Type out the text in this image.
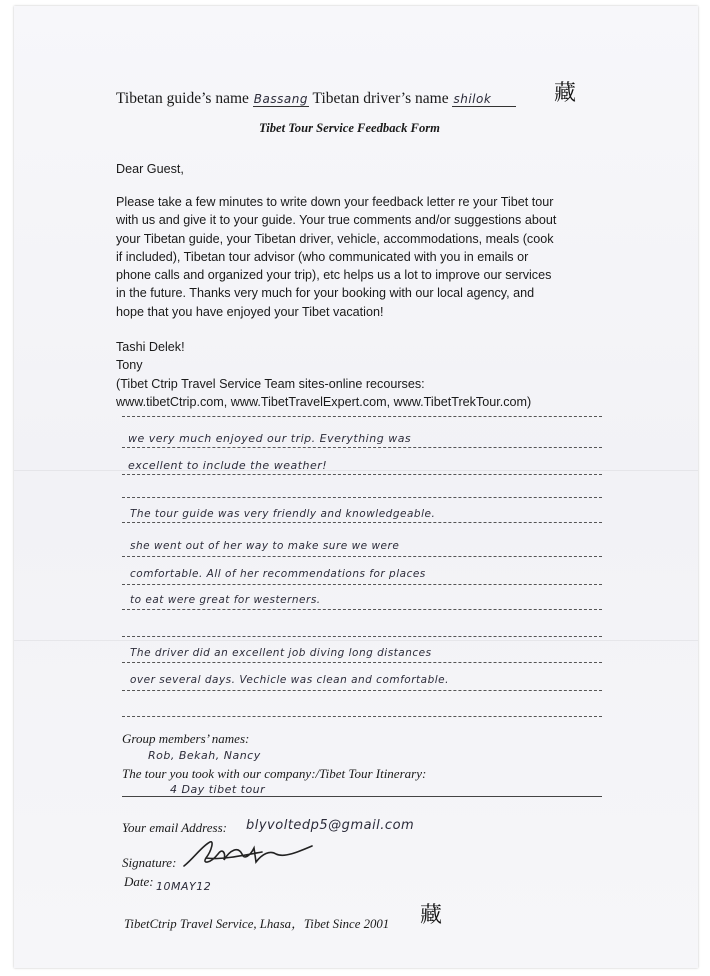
Tibetan guide’s name Bassang Tibetan driver’s name shilok	藏
Tibet Tour Service Feedback Form
Dear Guest,
Please take a few minutes to write down your feedback letter re your Tibet tour
with us and give it to your guide. Your true comments and/or suggestions about
your Tibetan guide, your Tibetan driver, vehicle, accommodations, meals (cook
if included), Tibetan tour advisor (who communicated with you in emails or
phone calls and organized your trip), etc helps us a lot to improve our services
in the future. Thanks very much for your booking with our local agency, and
hope that you have enjoyed your Tibet vacation!
Tashi Delek!
Tony
(Tibet Ctrip Travel Service Team sites-online recourses:
www.tibetCtrip.com, www.TibetTravelExpert.com, www.TibetTrekTour.com)
we very much enjoyed our trip. Everything was
excellent to include the weather!
The tour guide was very friendly and knowledgeable.
she went out of her way to make sure we were
comfortable. All of her recommendations for places
to eat were great for westerners.
The driver did an excellent job diving long distances
over several days. Vechicle was clean and comfortable.
Group members’ names:
Rob, Bekah, Nancy
The tour you took with our company:/Tibet Tour Itinerary:
4 Day tibet tour
Your email Address: blyvoltedp5@gmail.com
Signature:
Date: 10MAY12
TibetCtrip Travel Service, Lhasa，Tibet Since 2001 藏
